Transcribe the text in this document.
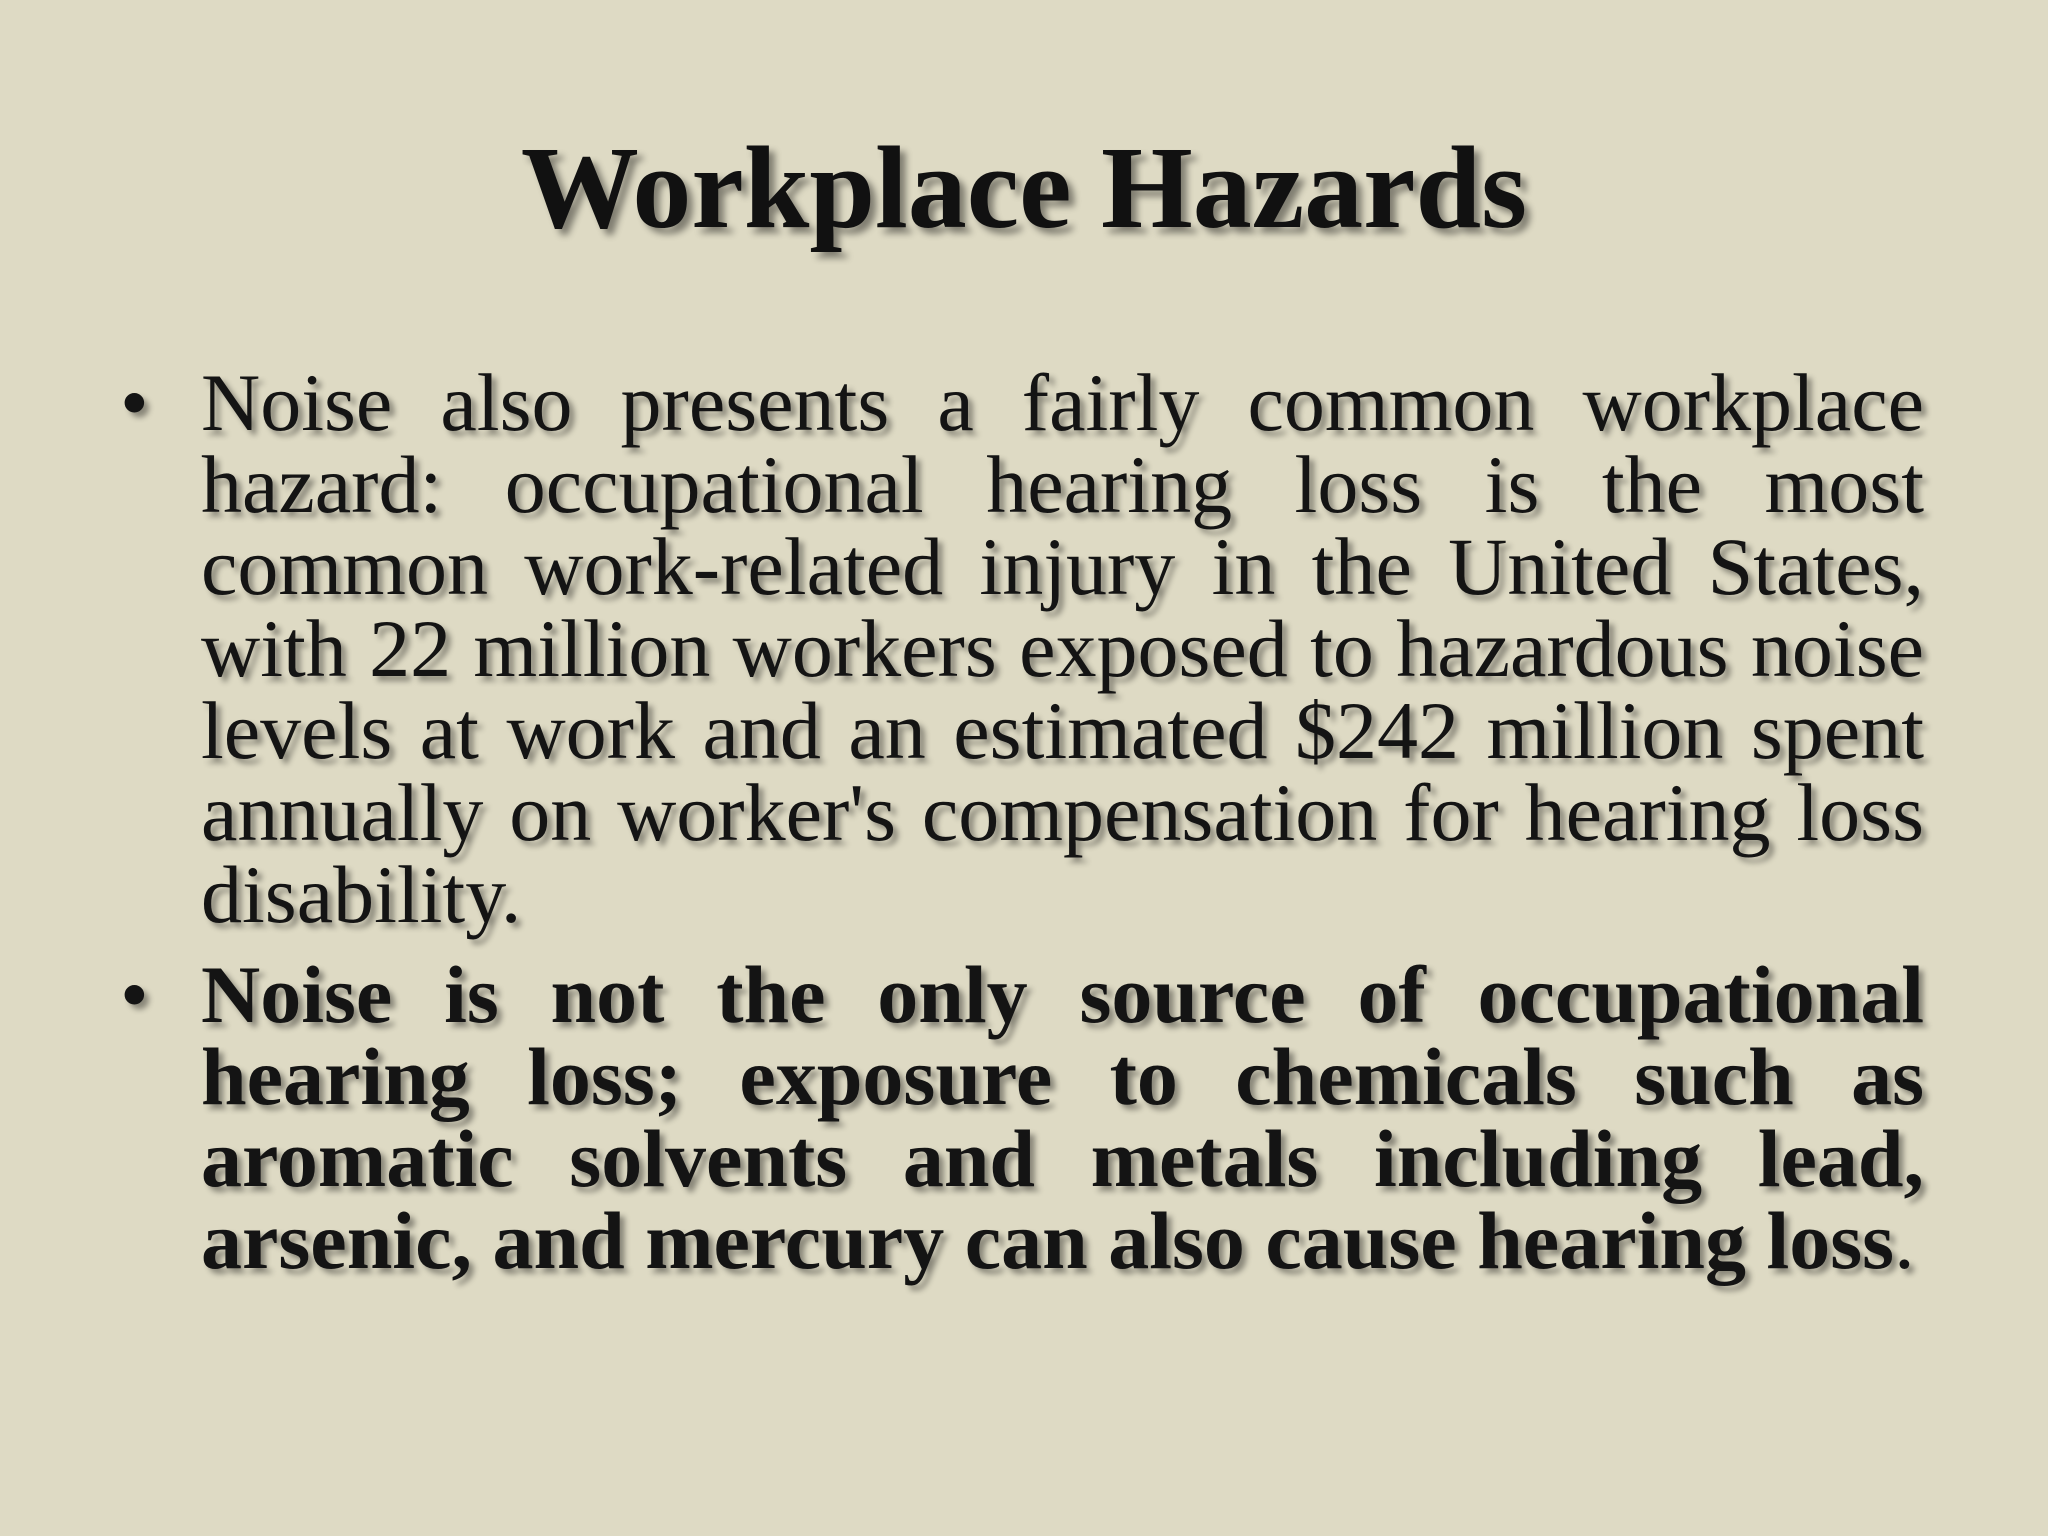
Workplace Hazards
• Noise also presents a fairly common workplace hazard: occupational hearing loss is the most common work-related injury in the United States, with 22 million workers exposed to hazardous noise levels at work and an estimated $242 million spent annually on worker's compensation for hearing loss disability.
• Noise is not the only source of occupational hearing loss; exposure to chemicals such as aromatic solvents and metals including lead, arsenic, and mercury can also cause hearing loss.
